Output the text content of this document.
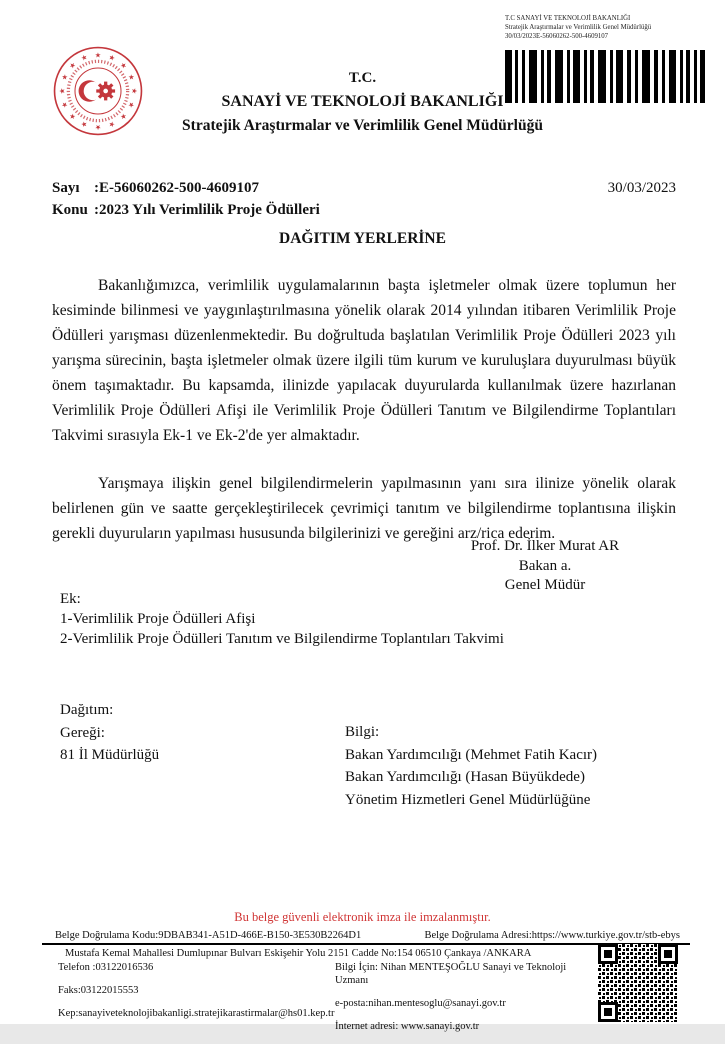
T.C SANAYİ VE TEKNOLOJİ BAKANLIĞI
Stratejik Araştırmalar ve Verimlilik Genel Müdürlüğü
30/03/2023E-56060262-500-4609107
★ ★
★
★
★
★
★
★
★
★
★
★
★
★
★
★
T.C.
SANAYİ VE TEKNOLOJİ BAKANLIĞI
Stratejik Araştırmalar ve Verimlilik Genel Müdürlüğü
Sayı :E-56060262-500-4609107	30/03/2023
Konu :2023 Yılı Verimlilik Proje Ödülleri
DAĞITIM YERLERİNE

Bakanlığımızca, verimlilik uygulamalarının başta işletmeler olmak üzere toplumun her kesiminde bilinmesi ve yaygınlaştırılmasına yönelik olarak 2014 yılından itibaren Verimlilik Proje Ödülleri yarışması düzenlenmektedir. Bu doğrultuda başlatılan Verimlilik Proje Ödülleri 2023 yılı yarışma sürecinin, başta işletmeler olmak üzere ilgili tüm kurum ve kuruluşlara duyurulması büyük önem taşımaktadır. Bu kapsamda, ilinizde yapılacak duyurularda kullanılmak üzere hazırlanan Verimlilik Proje Ödülleri Afişi ile Verimlilik Proje Ödülleri Tanıtım ve Bilgilendirme Toplantıları Takvimi sırasıyla Ek-1 ve Ek-2'de yer almaktadır.

Yarışmaya ilişkin genel bilgilendirmelerin yapılmasının yanı sıra ilinize yönelik olarak belirlenen gün ve saatte gerçekleştirilecek çevrimiçi tanıtım ve bilgilendirme toplantısına ilişkin gerekli duyuruların yapılması hususunda bilgilerinizi ve gereğini arz/rica ederim.

Prof. Dr. İlker Murat AR
Bakan a.
Genel Müdür
Ek:
1-Verimlilik Proje Ödülleri Afişi
2-Verimlilik Proje Ödülleri Tanıtım ve Bilgilendirme Toplantıları Takvimi
Dağıtım:
Gereği:
81 İl Müdürlüğü
Bilgi:
Bakan Yardımcılığı (Mehmet Fatih Kacır)
Bakan Yardımcılığı (Hasan Büyükdede)
Yönetim Hizmetleri Genel Müdürlüğüne
Bu belge güvenli elektronik imza ile imzalanmıştır.
Belge Doğrulama Kodu:9DBAB341-A51D-466E-B150-3E530B2264D1	Belge Doğrulama Adresi:https://www.turkiye.gov.tr/stb-ebys
Mustafa Kemal Mahallesi Dumlupınar Bulvarı Eskişehir Yolu 2151 Cadde No:154 06510 Çankaya /ANKARA
Telefon :03122016536
Faks:03122015553
Kep:sanayiveteknolojibakanligi.stratejikarastirmalar@hs01.kep.tr
Bilgi İçin: Nihan MENTEŞOĞLU Sanayi ve Teknoloji Uzmanı
e-posta:nihan.mentesoglu@sanayi.gov.tr
İnternet adresi: www.sanayi.gov.tr
